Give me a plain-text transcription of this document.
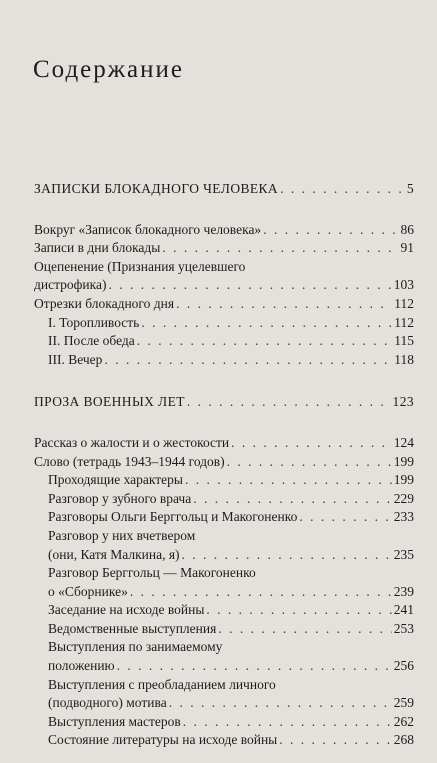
Содержание
ЗАПИСКИ БЛОКАДНОГО ЧЕЛОВЕКА . . .	5
Вокруг «Записок блокадного человека» . . .	86
Записи в дни блокады . . .	91
Оцепенение (Признания уцелевшего
дистрофика) . . .	103
Отрезки блокадного дня . . .	112
I. Торопливость . . .	112
II. После обеда . . .	115
III. Вечер . . .	118
ПРОЗА ВОЕННЫХ ЛЕТ . . .	123
Рассказ о жалости и о жестокости . . .	124
Слово (тетрадь 1943–1944 годов) . . .	199
Проходящие характеры . . .	199
Разговор у зубного врача . . .	229
Разговоры Ольги Берггольц и Макогоненко . . .	233
Разговор у них вчетвером
(они, Катя Малкина, я) . . .	235
Разговор Берггольц — Макогоненко
о «Сборнике» . . .	239
Заседание на исходе войны . . .	241
Ведомственные выступления . . .	253
Выступления по занимаемому
положению . . .	256
Выступления с преобладанием личного
(подводного) мотива . . .	259
Выступления мастеров . . .	262
Состояние литературы на исходе войны . . .	268
